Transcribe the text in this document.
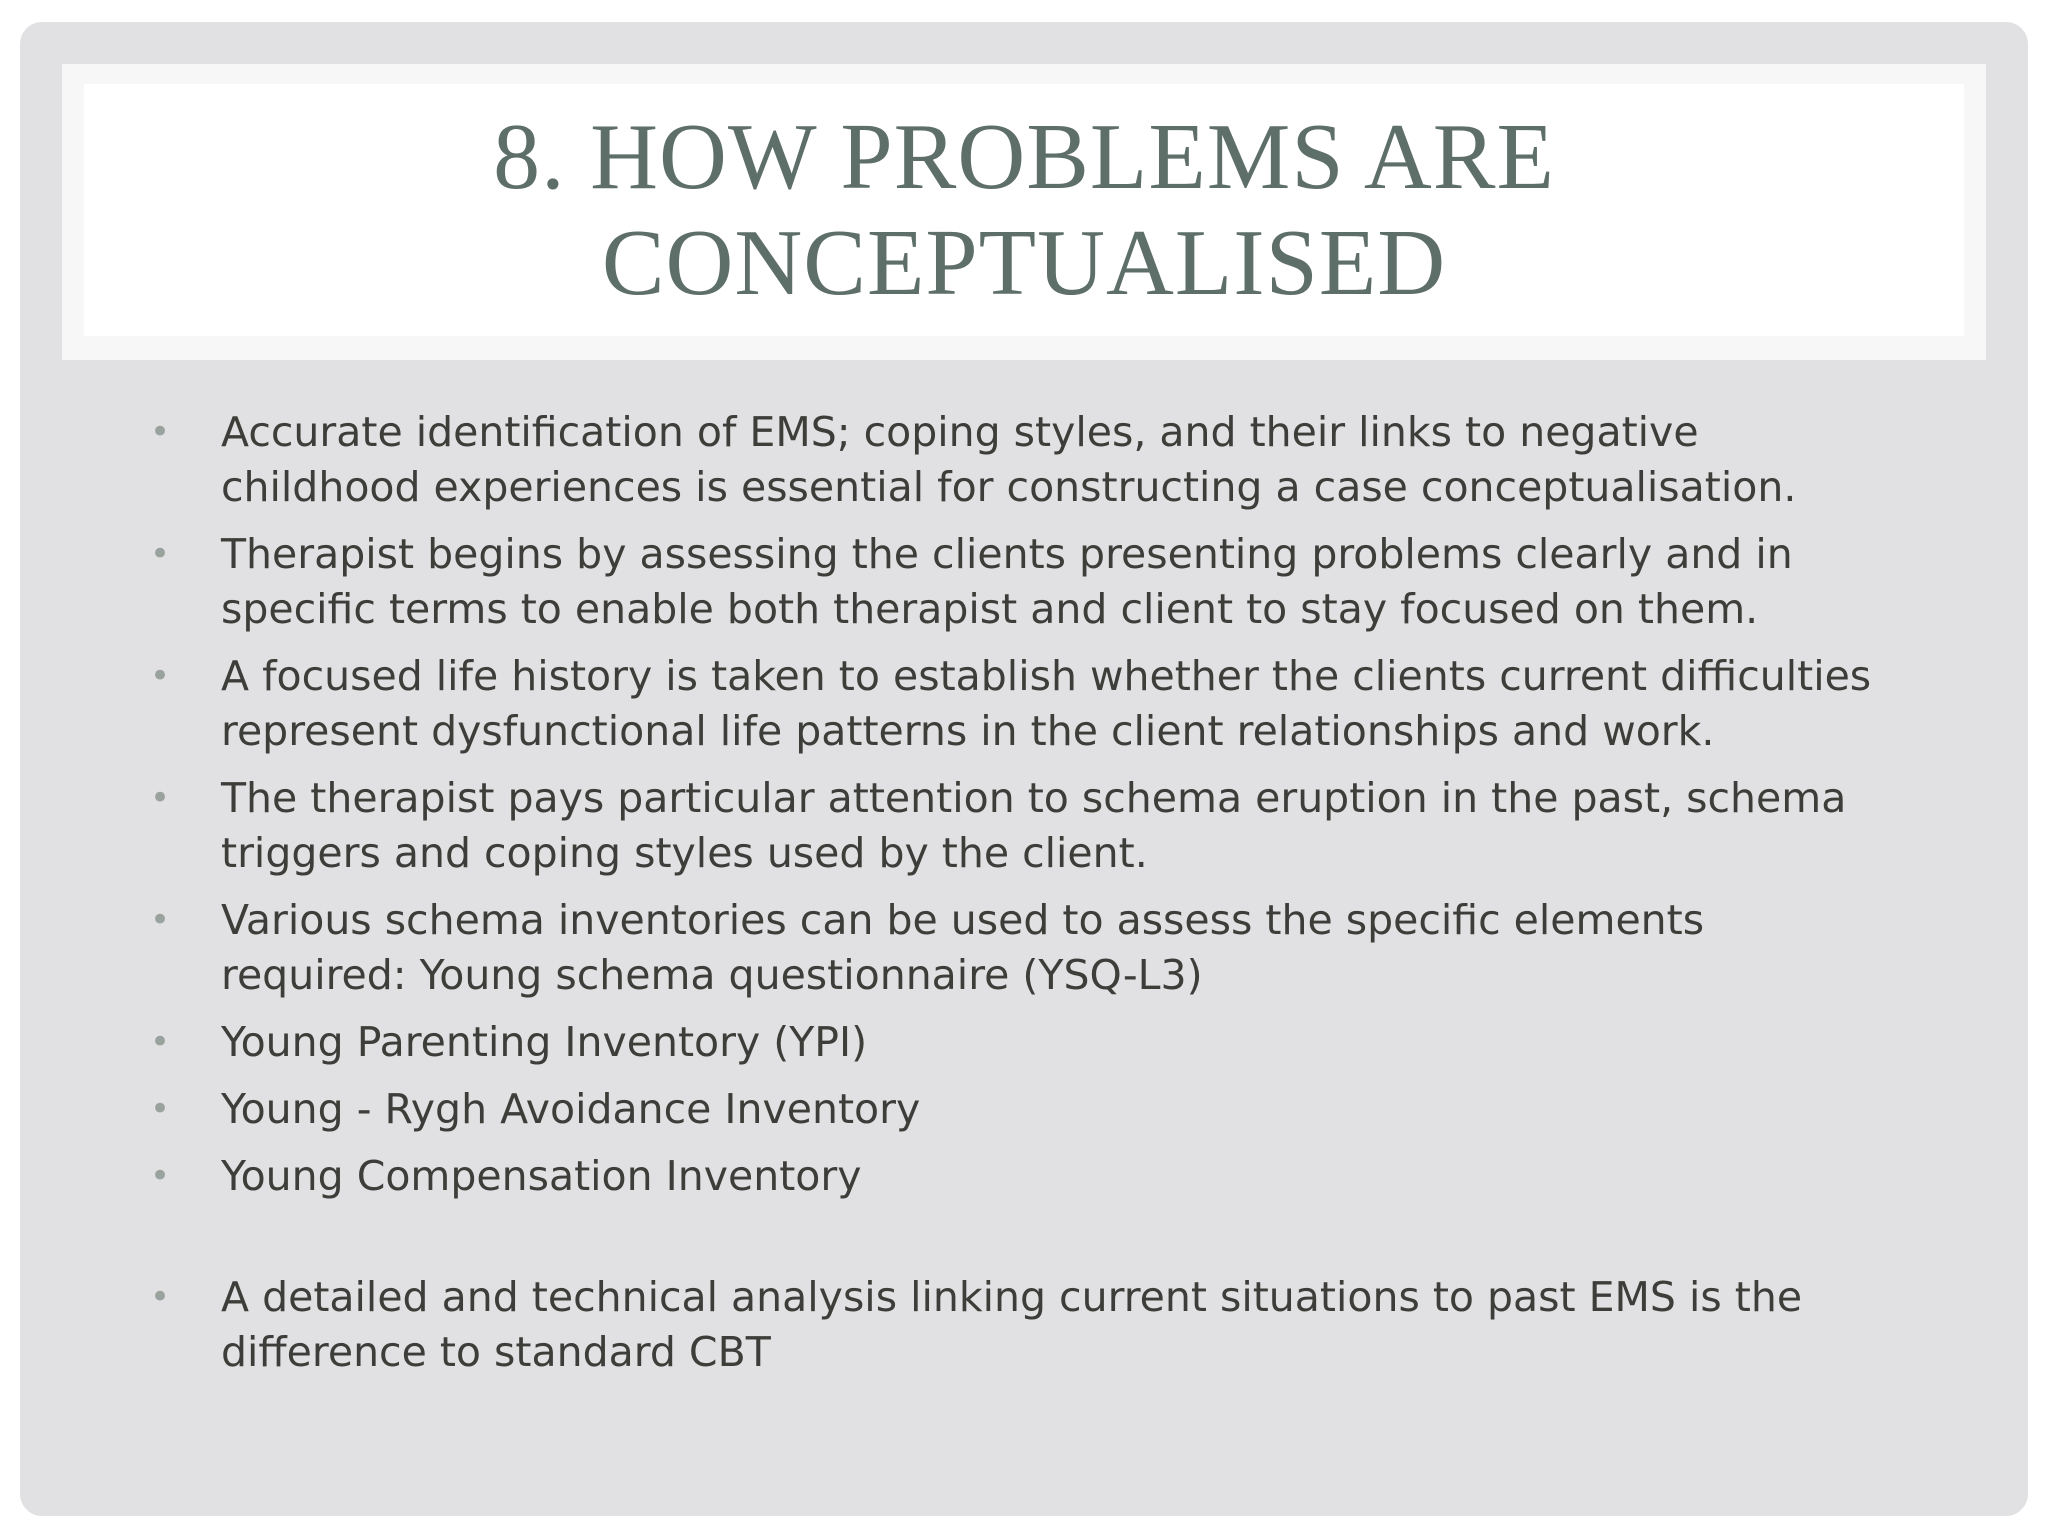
8. HOW PROBLEMS ARE
CONCEPTUALISED
• Accurate identification of EMS; coping styles, and their links to negative
childhood experiences is essential for constructing a case conceptualisation.
• Therapist begins by assessing the clients presenting problems clearly and in
specific terms to enable both therapist and client to stay focused on them.
• A focused life history is taken to establish whether the clients current difficulties
represent dysfunctional life patterns in the client relationships and work.
• The therapist pays particular attention to schema eruption in the past, schema
triggers and coping styles used by the client.
• Various schema inventories can be used to assess the specific elements
required: Young schema questionnaire (YSQ-L3)
• Young Parenting Inventory (YPI)
• Young - Rygh Avoidance Inventory
• Young Compensation Inventory
• A detailed and technical analysis linking current situations to past EMS is the
difference to standard CBT
